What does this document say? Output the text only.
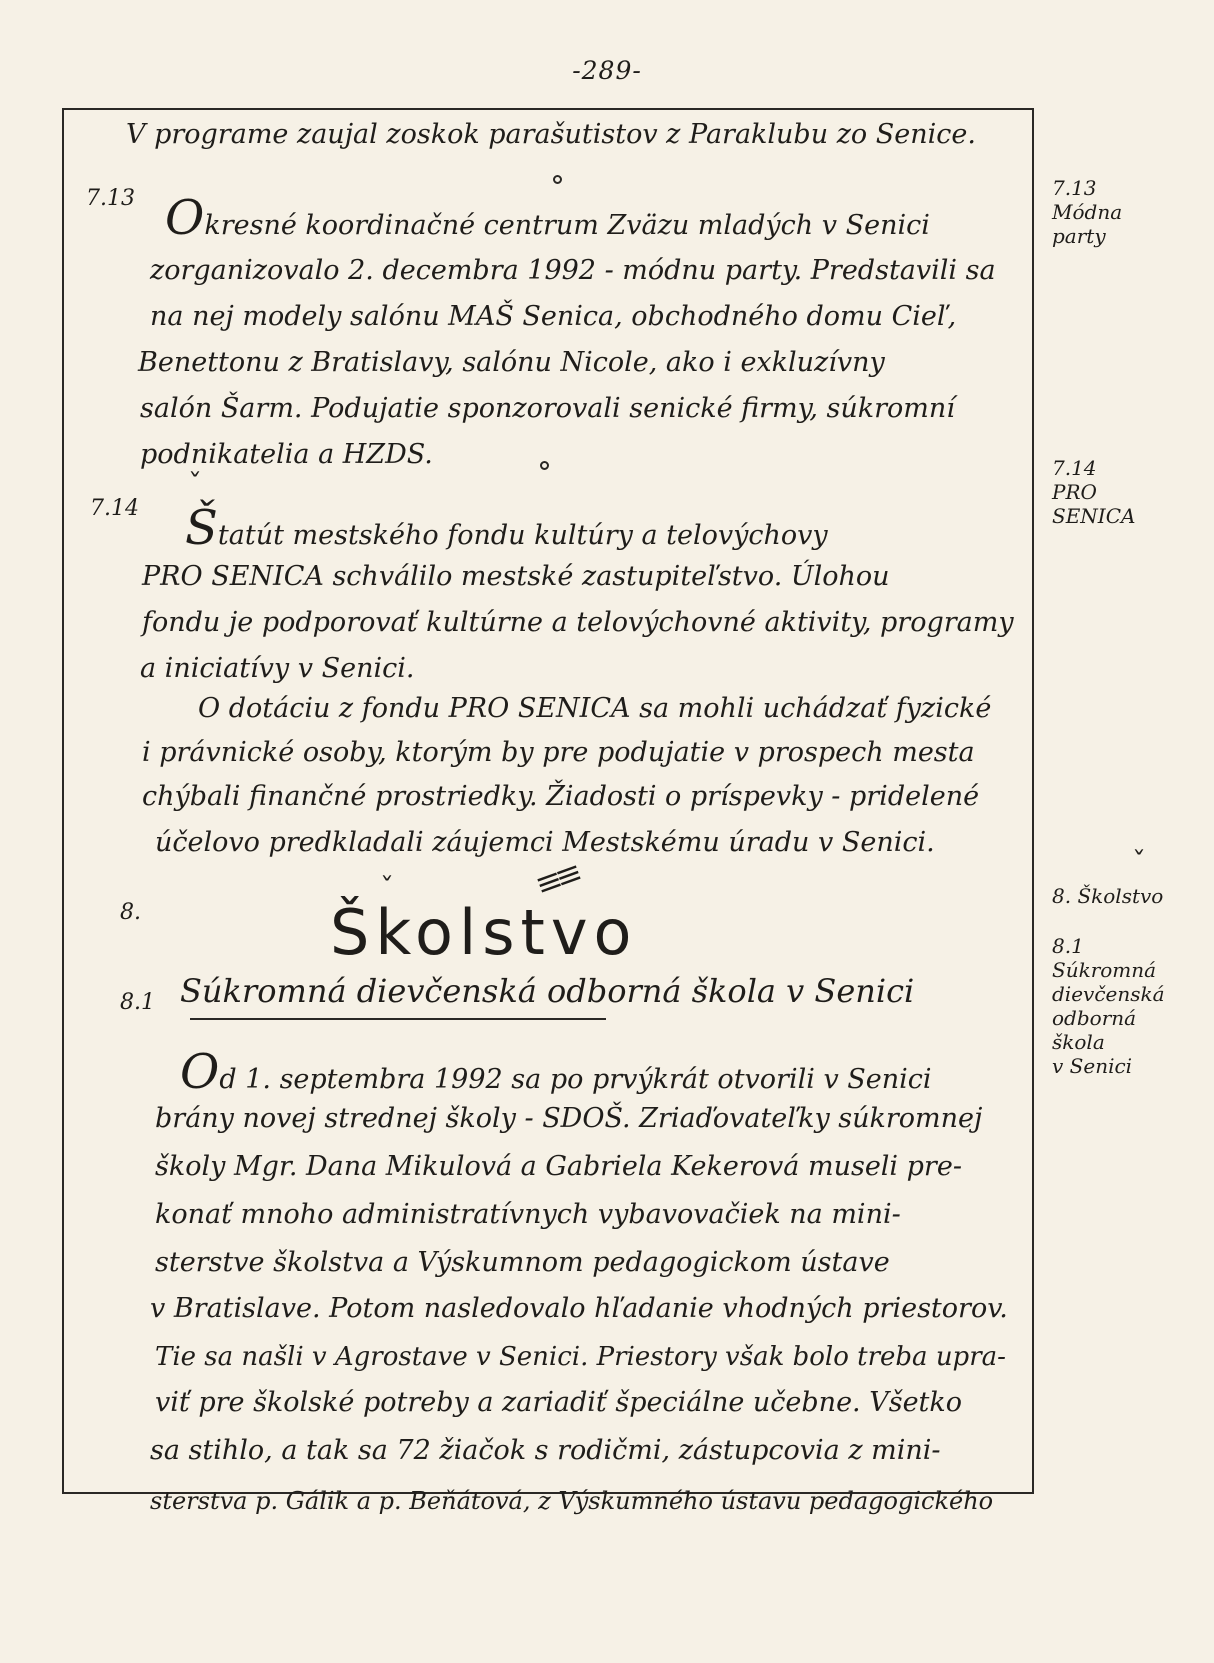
-289-
V programe zaujal zoskok parašutistov z Paraklubu zo Senice.
7.13 Okresné koordinačné centrum Zväzu mladých v Senici
zorganizovalo 2. decembra 1992 - módnu party. Predstavili sa
na nej modely salónu MAŠ Senica, obchodného domu Cieľ,
Benettonu z Bratislavy, salónu Nicole, ako i exkluzívny
salón Šarm. Podujatie sponzorovali senické firmy, súkromní
podnikatelia a HZDS.
7.14
ˇ
Štatút mestského fondu kultúry a telovýchovy
PRO SENICA schválilo mestské zastupiteľstvo. Úlohou
fondu je podporovať kultúrne a telovýchovné aktivity, programy
a iniciatívy v Senici.
O dotáciu z fondu PRO SENICA sa mohli uchádzať fyzické
i právnické osoby, ktorým by pre podujatie v prospech mesta
chýbali finančné prostriedky. Žiadosti o príspevky - pridelené
účelovo predkladali záujemci Mestskému úradu v Senici.
≡≡
8.
ˇ
Školstvo
8.1 Súkromná dievčenská odborná škola v Senici
Od 1. septembra 1992 sa po prvýkrát otvorili v Senici
brány novej strednej školy - SDOŠ. Zriaďovateľky súkromnej
školy Mgr. Dana Mikulová a Gabriela Kekerová museli pre-
konať mnoho administratívnych vybavovačiek na mini-
sterstve školstva a Výskumnom pedagogickom ústave
v Bratislave. Potom nasledovalo hľadanie vhodných priestorov.
Tie sa našli v Agrostave v Senici. Priestory však bolo treba upra-
viť pre školské potreby a zariadiť špeciálne učebne. Všetko
sa stihlo, a tak sa 72 žiačok s rodičmi, zástupcovia z mini-
sterstva p. Gálik a p. Beňátová, z Výskumného ústavu pedagogického
7.13
Módna
party
7.14
PRO
SENICA
ˇ
8. Školstvo
8.1
Súkromná
dievčenská
odborná
škola
v Senici
